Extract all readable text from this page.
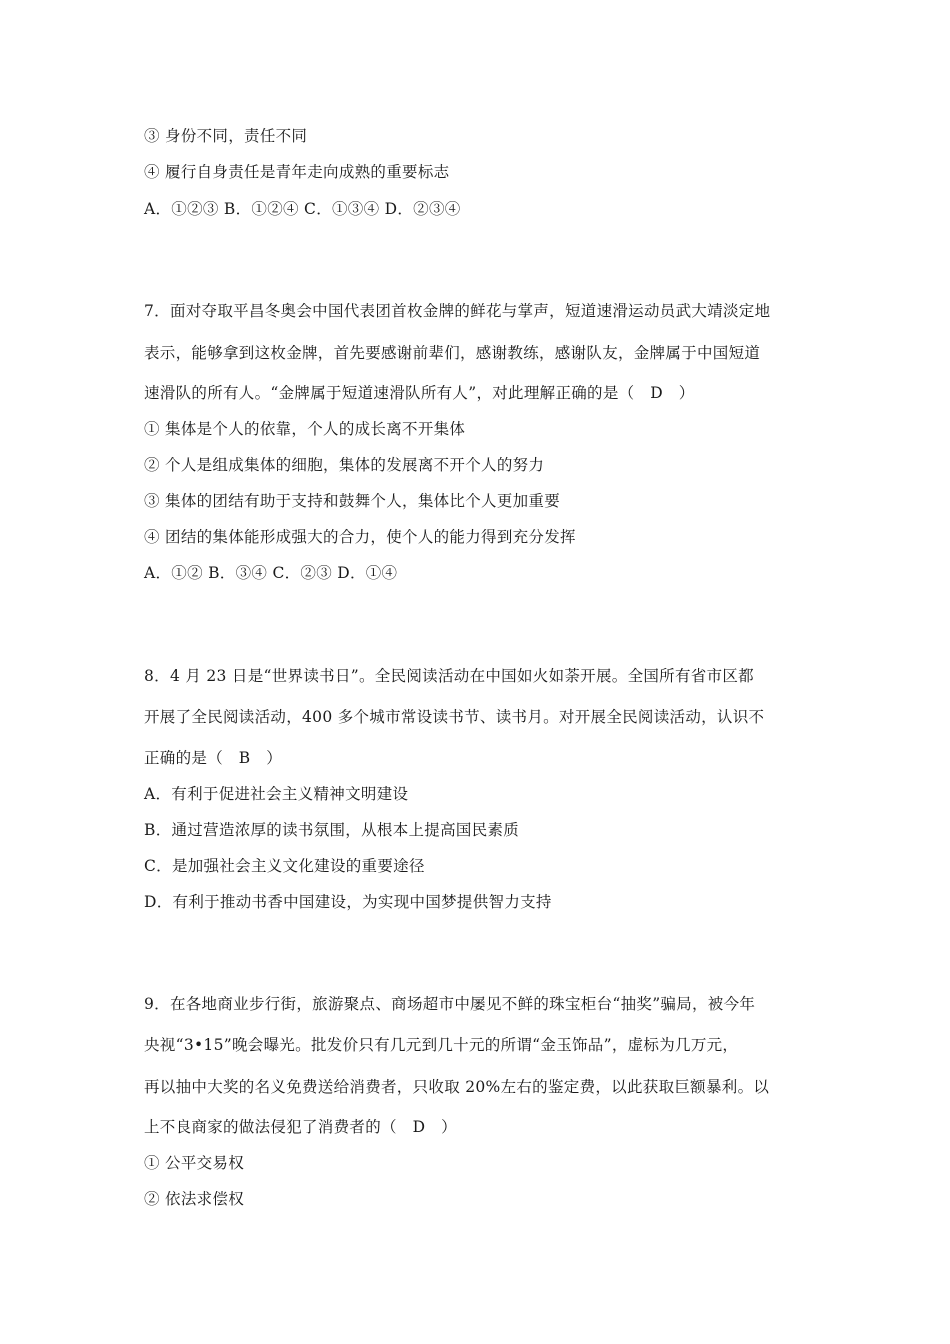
③ 身份不同，责任不同
④ 履行自身责任是青年走向成熟的重要标志
A．①②③ B．①②④ C．①③④ D．②③④
7．面对夺取平昌冬奥会中国代表团首枚金牌的鲜花与掌声，短道速滑运动员武大靖淡定地
表示，能够拿到这枚金牌，首先要感谢前辈们，感谢教练，感谢队友，金牌属于中国短道
速滑队的所有人。“金牌属于短道速滑队所有人”，对此理解正确的是（　D　）
① 集体是个人的依靠，个人的成长离不开集体
② 个人是组成集体的细胞，集体的发展离不开个人的努力
③ 集体的团结有助于支持和鼓舞个人，集体比个人更加重要
④ 团结的集体能形成强大的合力，使个人的能力得到充分发挥
A．①② B．③④ C．②③ D．①④
8．4 月 23 日是“世界读书日”。全民阅读活动在中国如火如荼开展。全国所有省市区都
开展了全民阅读活动，400 多个城市常设读书节、读书月。对开展全民阅读活动，认识不
正确的是（　B　）
A．有利于促进社会主义精神文明建设
B．通过营造浓厚的读书氛围，从根本上提高国民素质
C．是加强社会主义文化建设的重要途径
D．有利于推动书香中国建设，为实现中国梦提供智力支持
9．在各地商业步行街，旅游聚点、商场超市中屡见不鲜的珠宝柜台“抽奖”骗局，被今年
央视“3•15”晚会曝光。批发价只有几元到几十元的所谓“金玉饰品”，虚标为几万元，
再以抽中大奖的名义免费送给消费者，只收取 20%左右的鉴定费，以此获取巨额暴利。以
上不良商家的做法侵犯了消费者的（　D　）
① 公平交易权
② 依法求偿权
